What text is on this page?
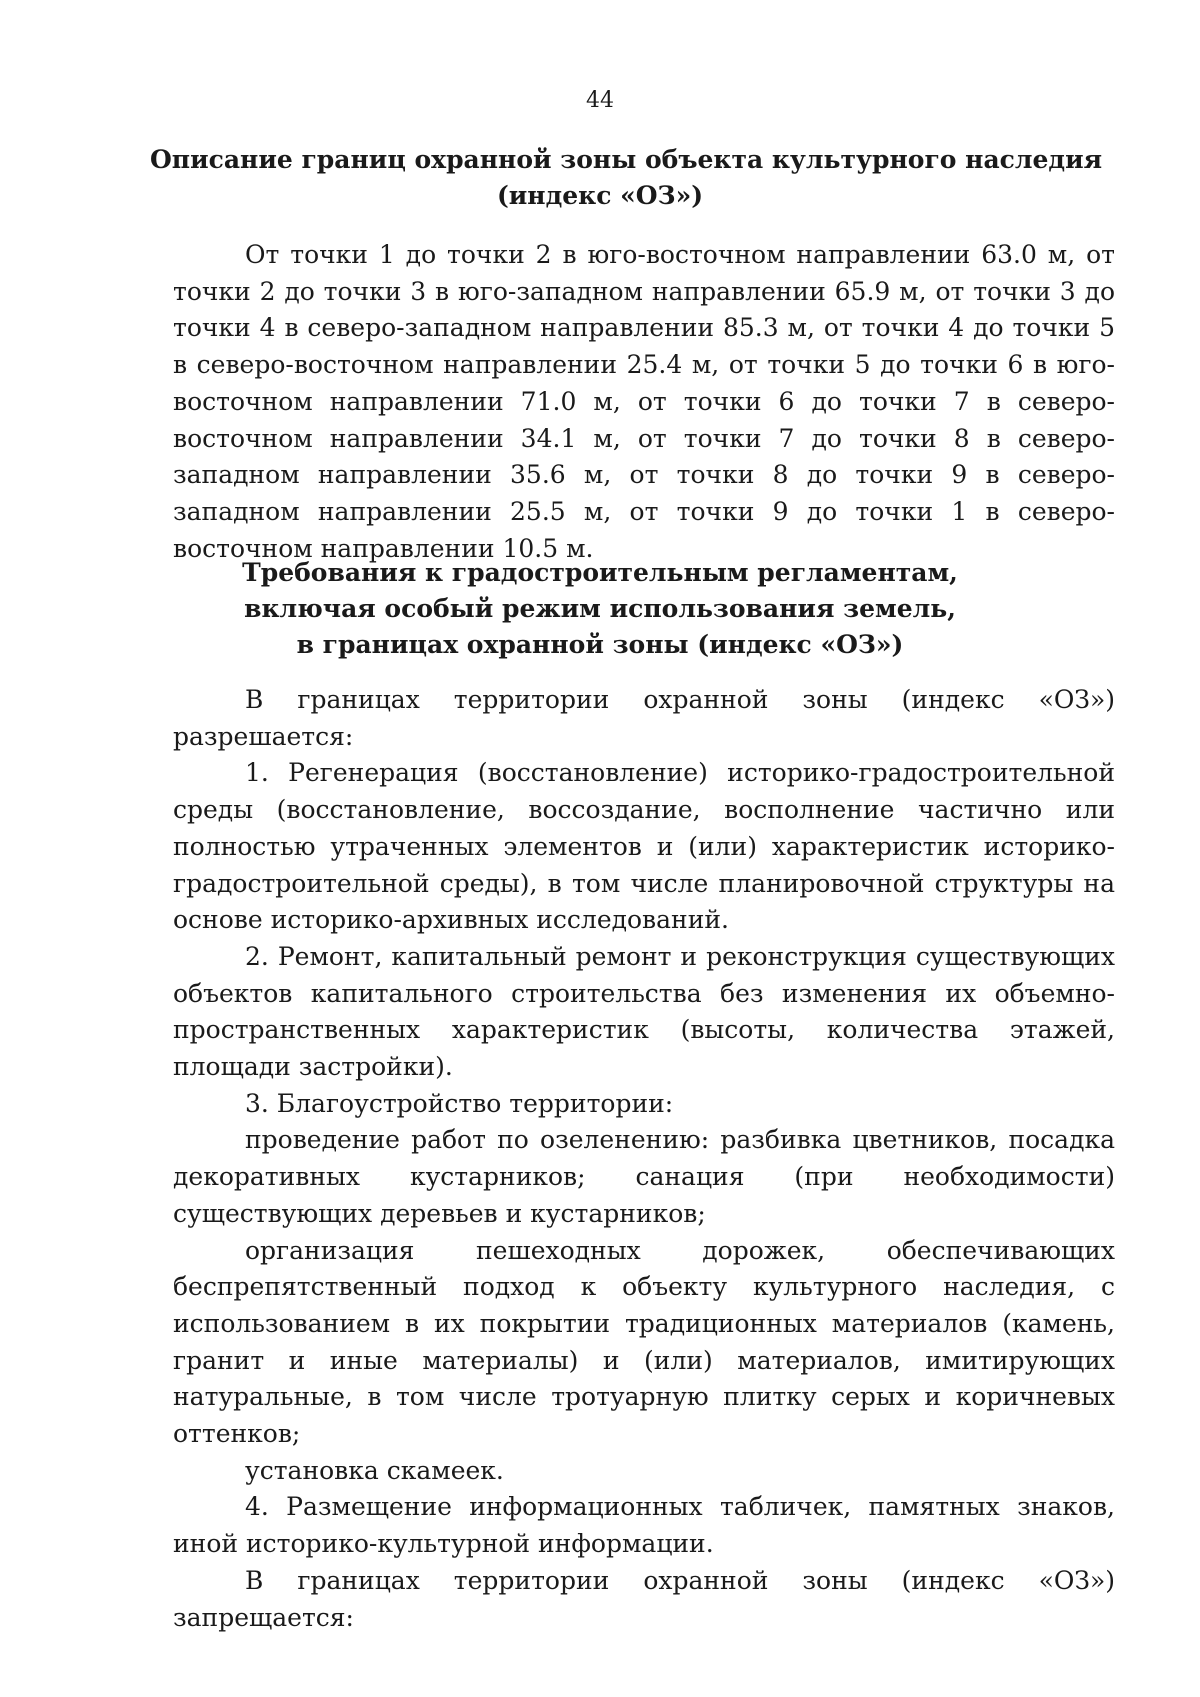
44
Описание границ охранной зоны объекта культурного наследия
(индекс «ОЗ»)

От точки 1 до точки 2 в юго-восточном направлении 63.0 м, от точки 2 до точки 3 в юго-западном направлении 65.9 м, от точки 3 до точки 4 в северо-западном направлении 85.3 м, от точки 4 до точки 5 в северо-восточном направлении 25.4 м, от точки 5 до точки 6 в юго-восточном направлении 71.0 м, от точки 6 до точки 7 в северо-восточном направлении 34.1 м, от точки 7 до точки 8 в северо-западном направлении 35.6 м, от точки 8 до точки 9 в северо-западном направлении 25.5 м, от точки 9 до точки 1 в северо-восточном направлении 10.5 м.

Требования к градостроительным регламентам,
включая особый режим использования земель,
в границах охранной зоны (индекс «ОЗ»)

В границах территории охранной зоны (индекс «ОЗ») разрешается:

1. Регенерация (восстановление) историко-градостроительной среды (восстановление, воссоздание, восполнение частично или полностью утраченных элементов и (или) характеристик историко-градостроительной среды), в том числе планировочной структуры на основе историко-архивных исследований.

2. Ремонт, капитальный ремонт и реконструкция существующих объектов капитального строительства без изменения их объемно-пространственных характеристик (высоты, количества этажей, площади застройки).

3. Благоустройство территории:

проведение работ по озеленению: разбивка цветников, посадка декоративных кустарников; санация (при необходимости) существующих деревьев и кустарников;

организация пешеходных дорожек, обеспечивающих беспрепятственный подход к объекту культурного наследия, с использованием в их покрытии традиционных материалов (камень, гранит и иные материалы) и (или) материалов, имитирующих натуральные, в том числе тротуарную плитку серых и коричневых оттенков;

установка скамеек.

4. Размещение информационных табличек, памятных знаков, иной историко-культурной информации.

В границах территории охранной зоны (индекс «ОЗ») запрещается:
